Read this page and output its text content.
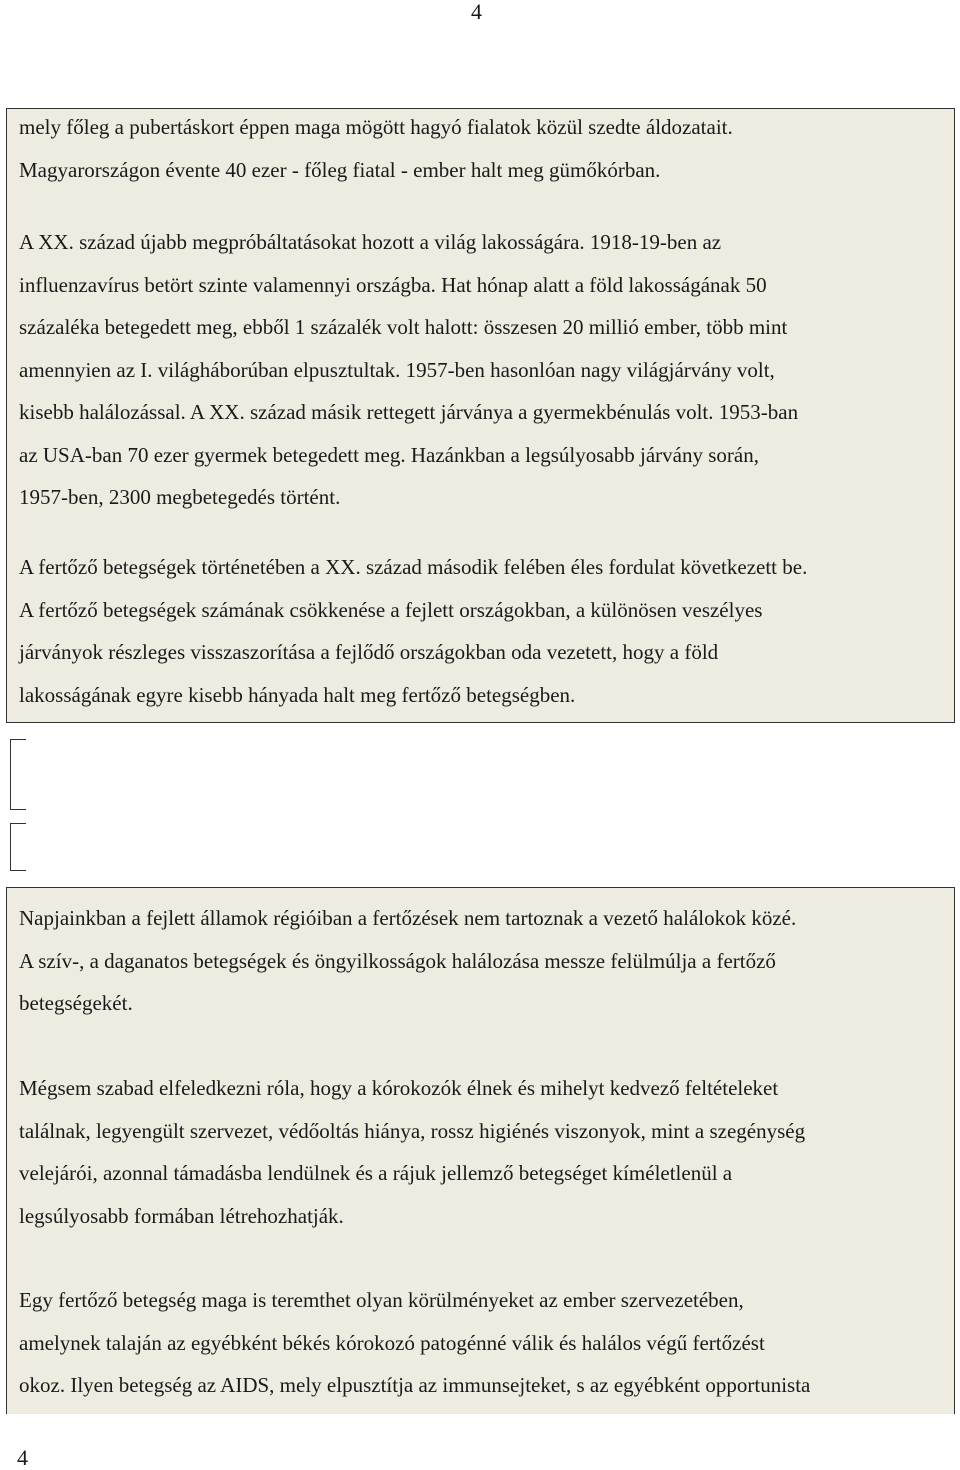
4

mely főleg a pubertáskort éppen maga mögött hagyó fialatok közül szedte áldozatait.
Magyarországon évente 40 ezer - főleg fiatal - ember halt meg gümőkórban.

A XX. század újabb megpróbáltatásokat hozott a világ lakosságára. 1918-19-ben az
influenzavírus betört szinte valamennyi országba. Hat hónap alatt a föld lakosságának 50
százaléka betegedett meg, ebből 1 százalék volt halott: összesen 20 millió ember, több mint
amennyien az I. világháborúban elpusztultak. 1957-ben hasonlóan nagy világjárvány volt,
kisebb halálozással. A XX. század másik rettegett járványa a gyermekbénulás volt. 1953-ban
az USA-ban 70 ezer gyermek betegedett meg. Hazánkban a legsúlyosabb járvány során,
1957-ben, 2300 megbetegedés történt.

A fertőző betegségek történetében a XX. század második felében éles fordulat következett be.
A fertőző betegségek számának csökkenése a fejlett országokban, a különösen veszélyes
járványok részleges visszaszorítása a fejlődő országokban oda vezetett, hogy a föld
lakosságának egyre kisebb hányada halt meg fertőző betegségben.

Napjainkban a fejlett államok régióiban a fertőzések nem tartoznak a vezető halálokok közé.
A szív-, a daganatos betegségek és öngyilkosságok halálozása messze felülmúlja a fertőző
betegségekét.

Mégsem szabad elfeledkezni róla, hogy a kórokozók élnek és mihelyt kedvező feltételeket
találnak, legyengült szervezet, védőoltás hiánya, rossz higiénés viszonyok, mint a szegénység
velejárói, azonnal támadásba lendülnek és a rájuk jellemző betegséget kíméletlenül a
legsúlyosabb formában létrehozhatják.

Egy fertőző betegség maga is teremthet olyan körülményeket az ember szervezetében,
amelynek talaján az egyébként békés kórokozó patogénné válik és halálos végű fertőzést
okoz. Ilyen betegség az AIDS, mely elpusztítja az immunsejteket, s az egyébként opportunista

4
